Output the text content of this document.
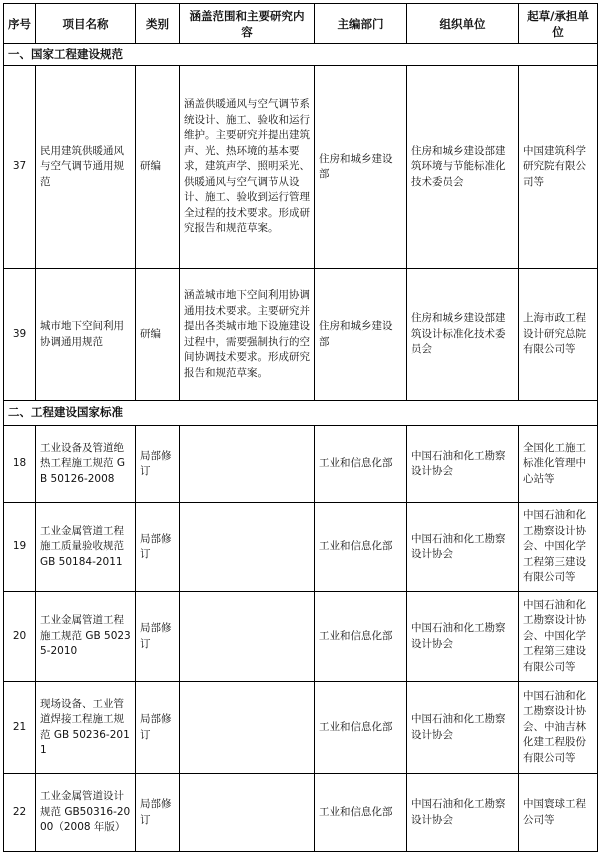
序号	项目名称	类别	涵盖范围和主要研究内容	主编部门	组织单位	起草/承担单位
一、国家工程建设规范						
37	民用建筑供暖通风与空气调节通用规范	研编	涵盖供暖通风与空气调节系统设计、施工、验收和运行维护。主要研究并提出建筑声、光、热环境的基本要求，建筑声学、照明采光、供暖通风与空气调节从设计、施工、验收到运行管理全过程的技术要求。形成研究报告和规范草案。	住房和城乡建设部	住房和城乡建设部建筑环境与节能标准化技术委员会	中国建筑科学研究院有限公司等
39	城市地下空间利用协调通用规范	研编	涵盖城市地下空间利用协调通用技术要求。主要研究并提出各类城市地下设施建设过程中，需要强制执行的空间协调技术要求。形成研究报告和规范草案。	住房和城乡建设部	住房和城乡建设部建筑设计标准化技术委员会	上海市政工程设计研究总院有限公司等
二、工程建设国家标准						
18	工业设备及管道绝热工程施工规范 GB 50126-2008	局部修订		工业和信息化部	中国石油和化工勘察设计协会	全国化工施工标准化管理中心站等
19	工业金属管道工程施工质量验收规范 GB 50184-2011	局部修订		工业和信息化部	中国石油和化工勘察设计协会	中国石油和化工勘察设计协会、中国化学工程第三建设有限公司等
20	工业金属管道工程施工规范 GB 50235-2010	局部修订		工业和信息化部	中国石油和化工勘察设计协会	中国石油和化工勘察设计协会、中国化学工程第三建设有限公司等
21	现场设备、工业管道焊接工程施工规范 GB 50236-2011	局部修订		工业和信息化部	中国石油和化工勘察设计协会	中国石油和化工勘察设计协会、中油吉林化建工程股份有限公司等
22	工业金属管道设计规范 GB50316-2000（2008 年版）	局部修订		工业和信息化部	中国石油和化工勘察设计协会	中国寰球工程公司等
